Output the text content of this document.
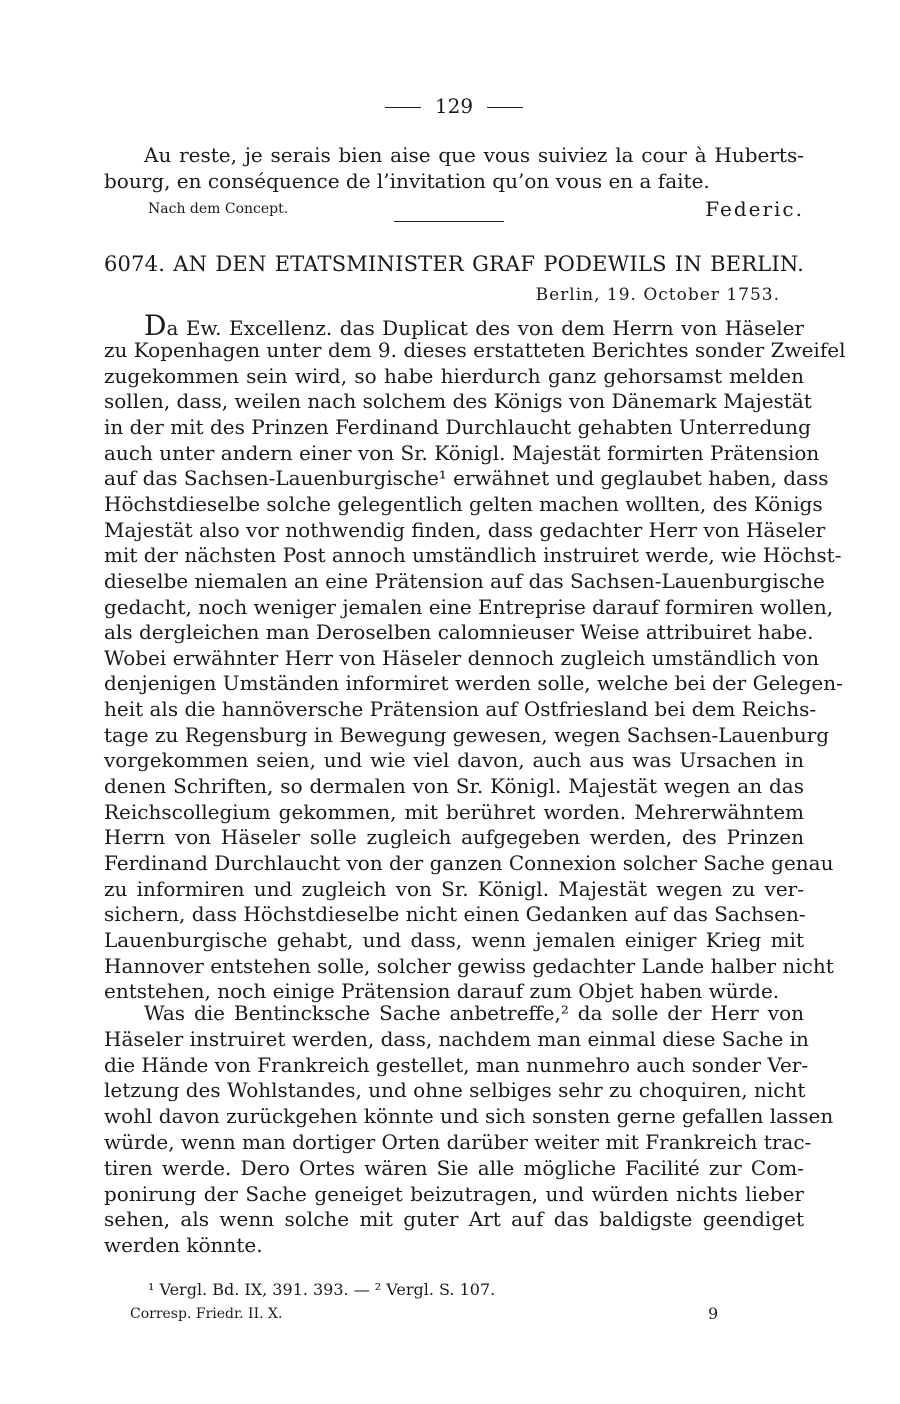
129
Au reste, je serais bien aise que vous suiviez la cour à Huberts-
bourg, en conséquence de l’invitation qu’on vous en a faite.
Nach dem Concept.	Federic.
6074. AN DEN ETATSMINISTER GRAF PODEWILS IN BERLIN.
Berlin, 19. October 1753.
Da Ew. Excellenz. das Duplicat des von dem Herrn von Häseler
zu Kopenhagen unter dem 9. dieses erstatteten Berichtes sonder Zweifel
zugekommen sein wird, so habe hierdurch ganz gehorsamst melden
sollen, dass, weilen nach solchem des Königs von Dänemark Majestät
in der mit des Prinzen Ferdinand Durchlaucht gehabten Unterredung
auch unter andern einer von Sr. Königl. Majestät formirten Prätension
auf das Sachsen-Lauenburgische¹ erwähnet und geglaubet haben, dass
Höchstdieselbe solche gelegentlich gelten machen wollten, des Königs
Majestät also vor nothwendig finden, dass gedachter Herr von Häseler
mit der nächsten Post annoch umständlich instruiret werde, wie Höchst-
dieselbe niemalen an eine Prätension auf das Sachsen-Lauenburgische
gedacht, noch weniger jemalen eine Entreprise darauf formiren wollen,
als dergleichen man Deroselben calomnieuser Weise attribuiret habe.
Wobei erwähnter Herr von Häseler dennoch zugleich umständlich von
denjenigen Umständen informiret werden solle, welche bei der Gelegen-
heit als die hannöversche Prätension auf Ostfriesland bei dem Reichs-
tage zu Regensburg in Bewegung gewesen, wegen Sachsen-Lauenburg
vorgekommen seien, und wie viel davon, auch aus was Ursachen in
denen Schriften, so dermalen von Sr. Königl. Majestät wegen an das
Reichscollegium gekommen, mit berühret worden. Mehrerwähntem
Herrn von Häseler solle zugleich aufgegeben werden, des Prinzen
Ferdinand Durchlaucht von der ganzen Connexion solcher Sache genau
zu informiren und zugleich von Sr. Königl. Majestät wegen zu ver-
sichern, dass Höchstdieselbe nicht einen Gedanken auf das Sachsen-
Lauenburgische gehabt, und dass, wenn jemalen einiger Krieg mit
Hannover entstehen solle, solcher gewiss gedachter Lande halber nicht
entstehen, noch einige Prätension darauf zum Objet haben würde.
Was die Bentincksche Sache anbetreffe,² da solle der Herr von
Häseler instruiret werden, dass, nachdem man einmal diese Sache in
die Hände von Frankreich gestellet, man nunmehro auch sonder Ver-
letzung des Wohlstandes, und ohne selbiges sehr zu choquiren, nicht
wohl davon zurückgehen könnte und sich sonsten gerne gefallen lassen
würde, wenn man dortiger Orten darüber weiter mit Frankreich trac-
tiren werde. Dero Ortes wären Sie alle mögliche Facilité zur Com-
ponirung der Sache geneiget beizutragen, und würden nichts lieber
sehen, als wenn solche mit guter Art auf das baldigste geendiget
werden könnte.
¹ Vergl. Bd. IX, 391. 393. — ² Vergl. S. 107.
Corresp. Friedr. II. X.	9
